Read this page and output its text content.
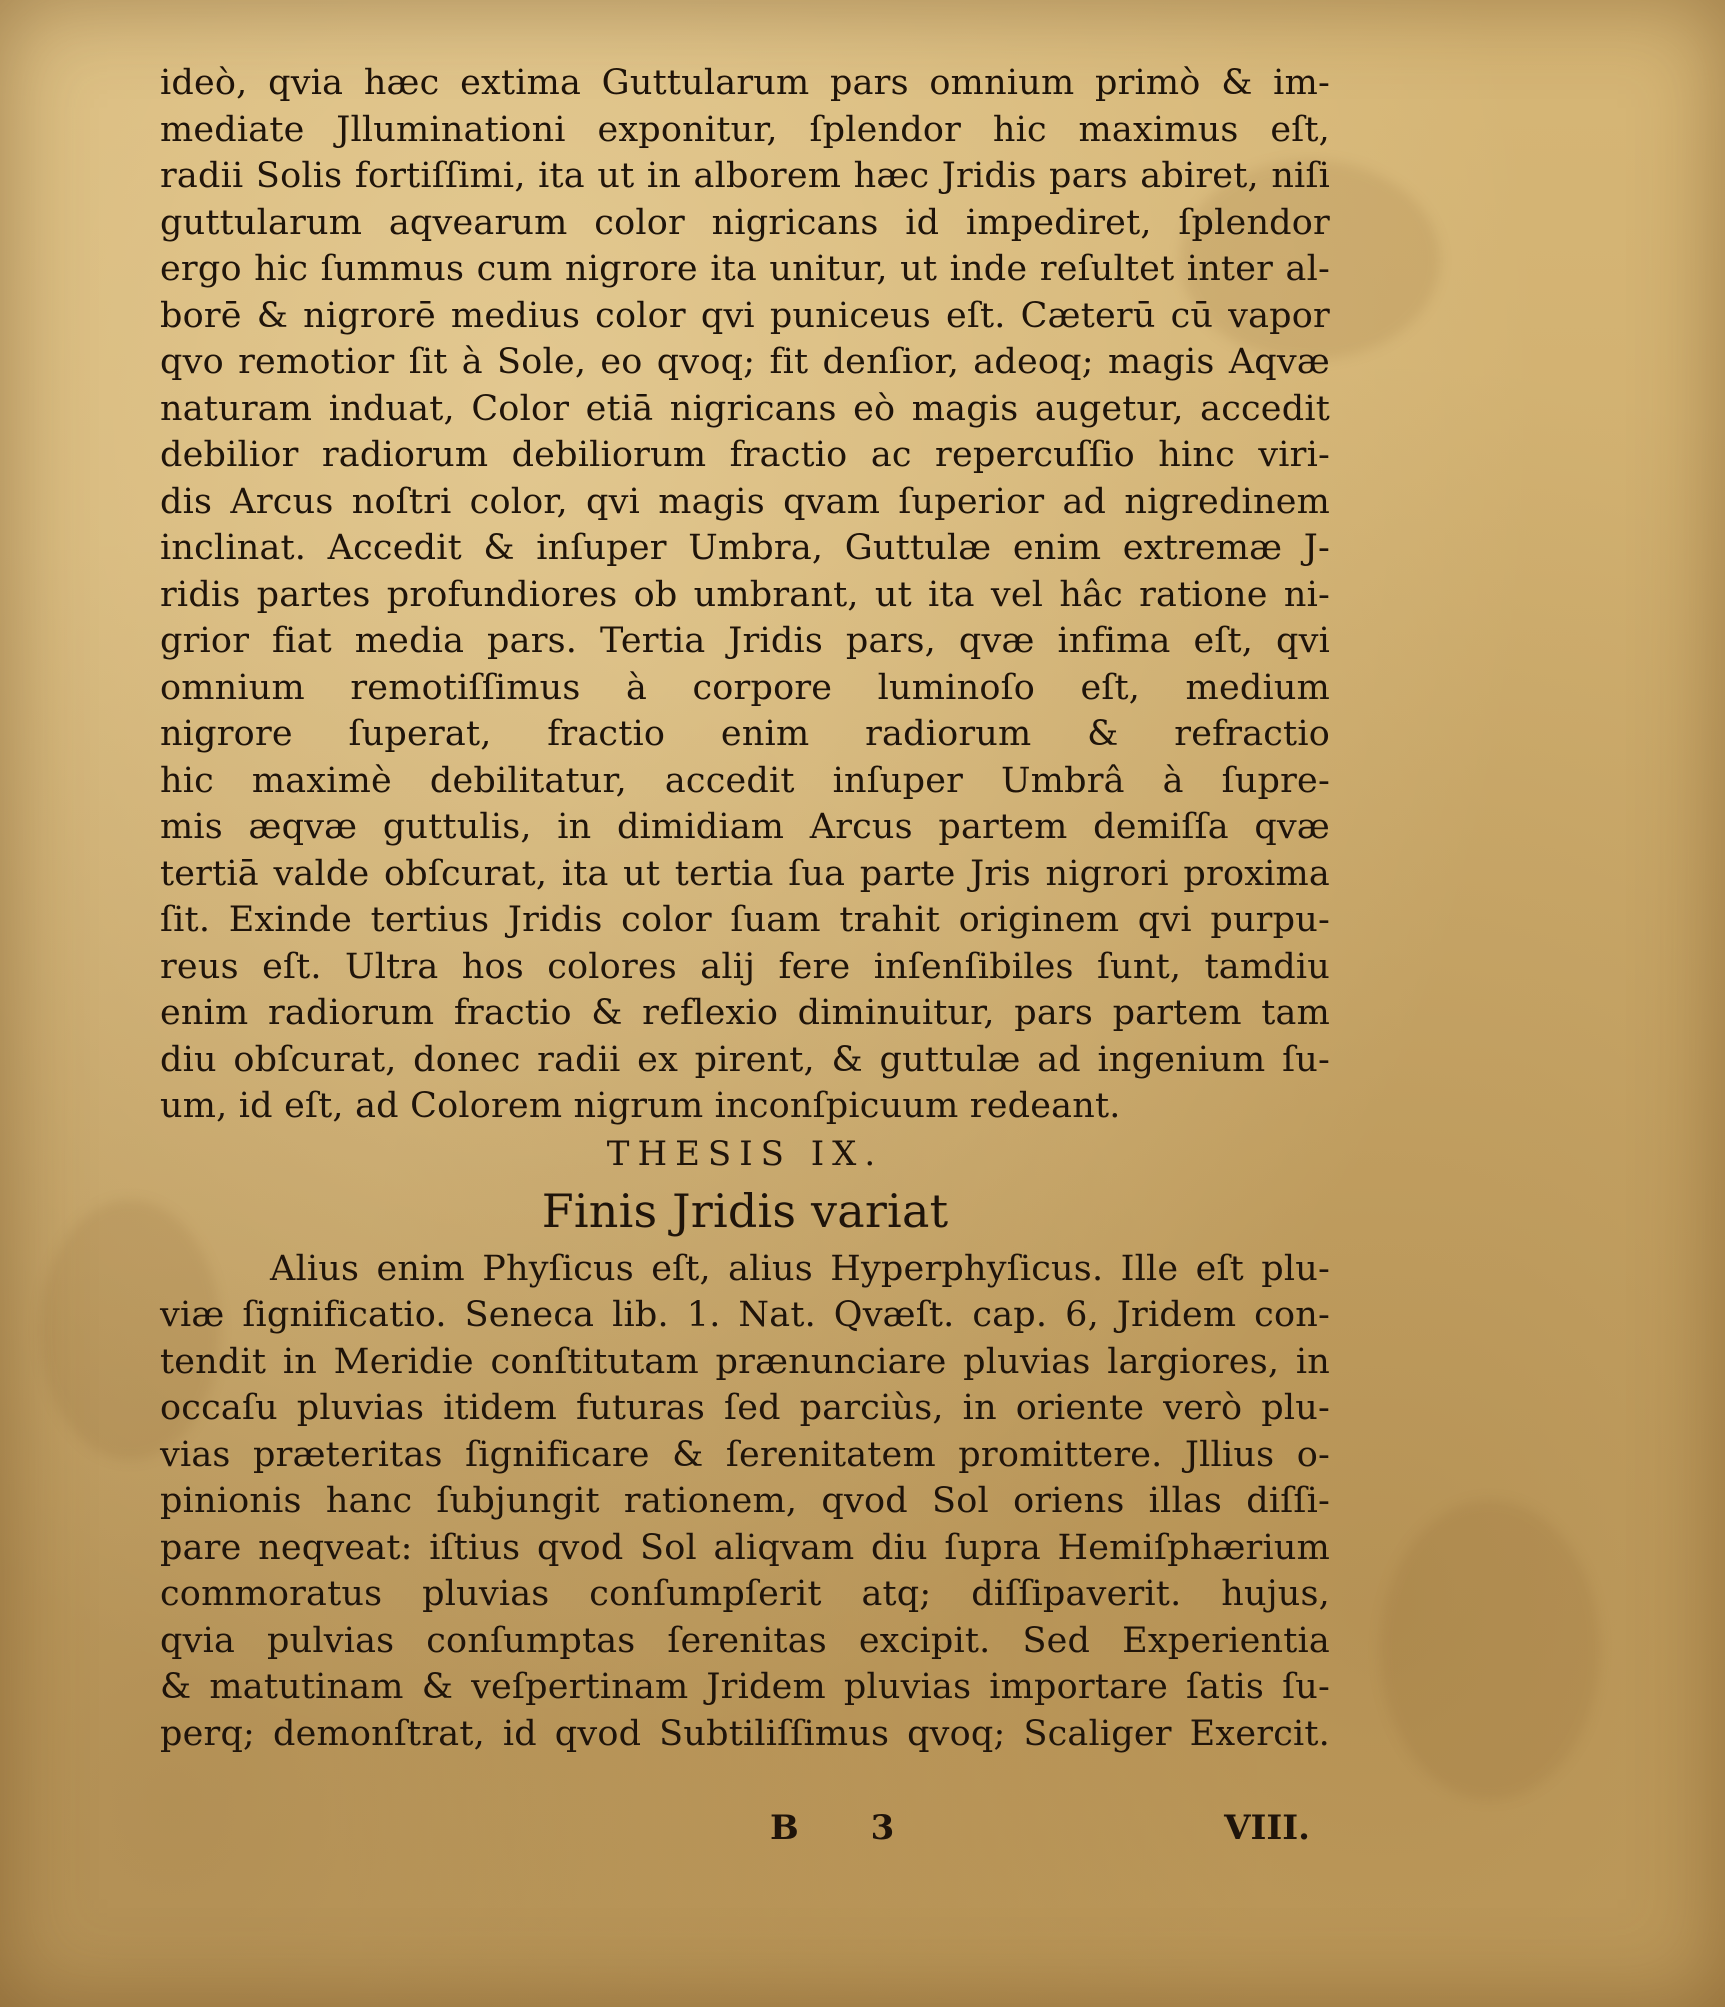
ideò, qvia hæc extima Guttularum pars omnium primò & im-
mediate Jlluminationi exponitur, ſplendor hic maximus eſt,
radii Solis fortiſſimi, ita ut in alborem hæc Jridis pars abiret, niſi
guttularum aqvearum color nigricans id impediret, ſplendor
ergo hic ſummus cum nigrore ita unitur, ut inde reſultet inter al-
borē & nigrorē medius color qvi puniceus eſt. Cæterū cū vapor
qvo remotior ſit à Sole, eo qvoq; fit denſior, adeoq; magis Aqvæ
naturam induat, Color etiā nigricans eò magis augetur, accedit
debilior radiorum debiliorum fractio ac repercuſſio hinc viri-
dis Arcus noſtri color, qvi magis qvam ſuperior ad nigredinem
inclinat. Accedit & inſuper Umbra, Guttulæ enim extremæ J-
ridis partes profundiores ob umbrant, ut ita vel hâc ratione ni-
grior fiat media pars. Tertia Jridis pars, qvæ infima eſt, qvi
omnium remotiſſimus à corpore luminoſo eſt, medium
nigrore ſuperat, fractio enim radiorum & refractio
hic maximè debilitatur, accedit inſuper Umbrâ à ſupre-
mis æqvæ guttulis, in dimidiam Arcus partem demiſſa qvæ
tertiā valde obſcurat, ita ut tertia ſua parte Jris nigrori proxima
ſit. Exinde tertius Jridis color ſuam trahit originem qvi purpu-
reus eſt. Ultra hos colores alij fere inſenſibiles ſunt, tamdiu
enim radiorum fractio & reflexio diminuitur, pars partem tam
diu obſcurat, donec radii ex pirent, & guttulæ ad ingenium ſu-
um, id eſt, ad Colorem nigrum inconſpicuum redeant.
THESIS IX.
Finis Jridis variat
Alius enim Phyſicus eſt, alius Hyperphyſicus. Ille eſt plu-
viæ ſignificatio. Seneca lib. 1. Nat. Qvæſt. cap. 6, Jridem con-
tendit in Meridie conſtitutam prænunciare pluvias largiores, in
occaſu pluvias itidem futuras ſed parciùs, in oriente verò plu-
vias præteritas ſignificare & ſerenitatem promittere. Jllius o-
pinionis hanc ſubjungit rationem, qvod Sol oriens illas diſſi-
pare neqveat: iſtius qvod Sol aliqvam diu ſupra Hemiſphærium
commoratus pluvias conſumpſerit atq; diſſipaverit. hujus,
qvia pulvias conſumptas ſerenitas excipit. Sed Experientia
& matutinam & veſpertinam Jridem pluvias importare ſatis ſu-
perq; demonſtrat, id qvod Subtiliſſimus qvoq; Scaliger Exercit.
B 3	VIII.
